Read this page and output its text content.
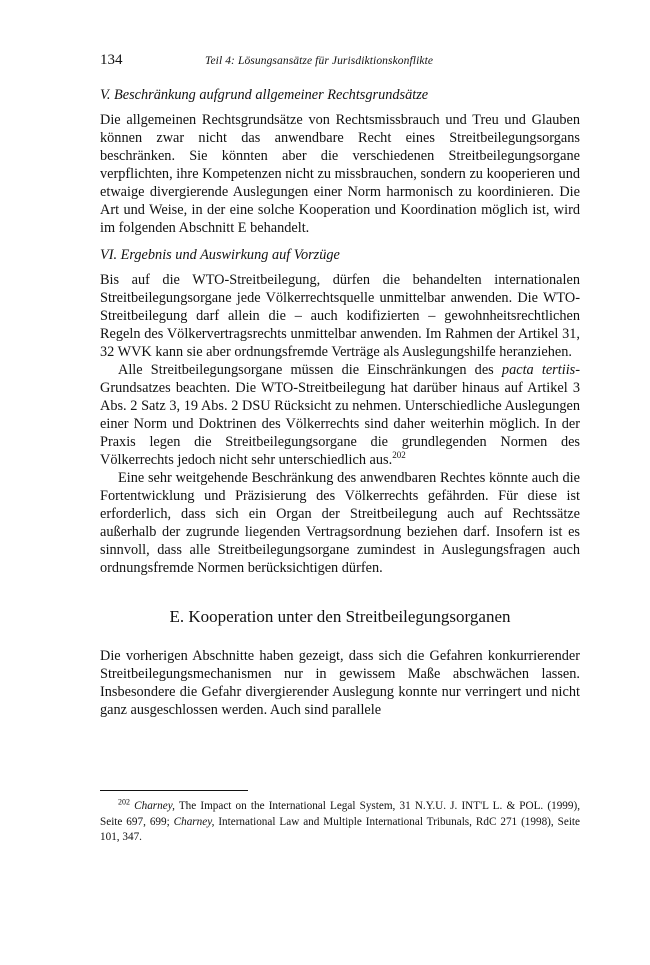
134	Teil 4: Lösungsansätze für Jurisdiktionskonflikte
V. Beschränkung aufgrund allgemeiner Rechtsgrundsätze

Die allgemeinen Rechtsgrundsätze von Rechtsmissbrauch und Treu und Glauben können zwar nicht das anwendbare Recht eines Streitbeilegungsorgans beschränken. Sie könnten aber die verschiedenen Streitbeilegungsorgane verpflichten, ihre Kompetenzen nicht zu missbrauchen, sondern zu kooperieren und etwaige divergierende Auslegungen einer Norm harmonisch zu koordinieren. Die Art und Weise, in der eine solche Kooperation und Koordination möglich ist, wird im folgenden Abschnitt E behandelt.

VI. Ergebnis und Auswirkung auf Vorzüge

Bis auf die WTO-Streitbeilegung, dürfen die behandelten internationalen Streitbeilegungsorgane jede Völkerrechtsquelle unmittelbar anwenden. Die WTO-Streitbeilegung darf allein die – auch kodifizierten – gewohnheitsrechtlichen Regeln des Völkervertragsrechts unmittelbar anwenden. Im Rahmen der Artikel 31, 32 WVK kann sie aber ordnungsfremde Verträge als Auslegungshilfe heranziehen.

Alle Streitbeilegungsorgane müssen die Einschränkungen des pacta tertiis-Grundsatzes beachten. Die WTO-Streitbeilegung hat darüber hinaus auf Artikel 3 Abs. 2 Satz 3, 19 Abs. 2 DSU Rücksicht zu nehmen. Unterschiedliche Auslegungen einer Norm und Doktrinen des Völkerrechts sind daher weiterhin möglich. In der Praxis legen die Streitbeilegungsorgane die grundlegenden Normen des Völkerrechts jedoch nicht sehr unterschiedlich aus.$^{202}$

Eine sehr weitgehende Beschränkung des anwendbaren Rechtes könnte auch die Fortentwicklung und Präzisierung des Völkerrechts gefährden. Für diese ist erforderlich, dass sich ein Organ der Streitbeilegung auch auf Rechtssätze außerhalb der zugrunde liegenden Vertragsordnung beziehen darf. Insofern ist es sinnvoll, dass alle Streitbeilegungsorgane zumindest in Auslegungsfragen auch ordnungsfremde Normen berücksichtigen dürfen.

E. Kooperation unter den Streitbeilegungsorganen

Die vorherigen Abschnitte haben gezeigt, dass sich die Gefahren konkurrierender Streitbeilegungsmechanismen nur in gewissem Maße abschwächen lassen. Insbesondere die Gefahr divergierender Auslegung konnte nur verringert und nicht ganz ausgeschlossen werden. Auch sind parallele

$^{202}$ Charney, The Impact on the International Legal System, 31 N.Y.U. J. INT'L L. & POL. (1999), Seite 697, 699; Charney, International Law and Multiple International Tribunals, RdC 271 (1998), Seite 101, 347.
